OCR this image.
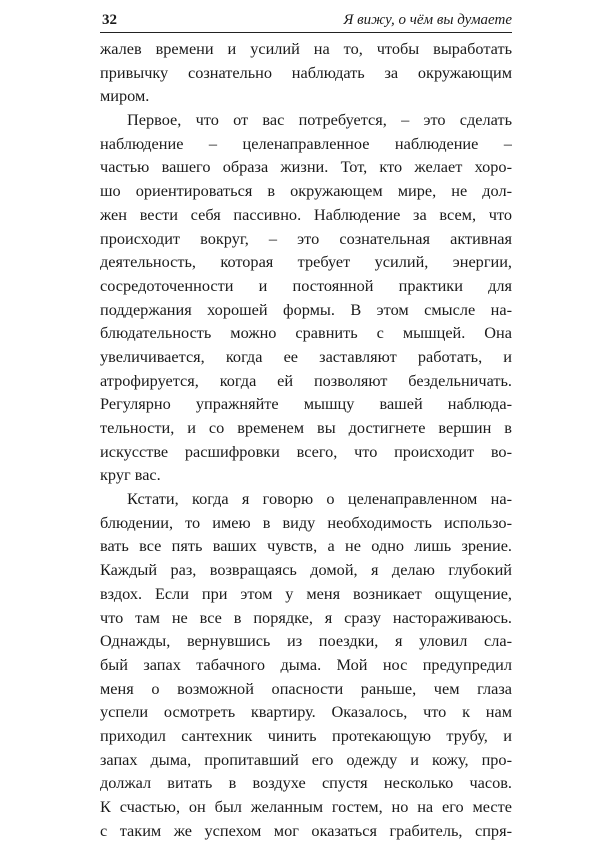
32	Я вижу, о чём вы думаете
жалев времени и усилий на то, чтобы выработать
привычку сознательно наблюдать за окружающим
миром.
Первое, что от вас потребуется, – это сделать
наблюдение – целенаправленное наблюдение –
частью вашего образа жизни. Тот, кто желает хоро-
шо ориентироваться в окружающем мире, не дол-
жен вести себя пассивно. Наблюдение за всем, что
происходит вокруг, – это сознательная активная
деятельность, которая требует усилий, энергии,
сосредоточенности и постоянной практики для
поддержания хорошей формы. В этом смысле на-
блюдательность можно сравнить с мышцей. Она
увеличивается, когда ее заставляют работать, и
атрофируется, когда ей позволяют бездельничать.
Регулярно упражняйте мышцу вашей наблюда-
тельности, и со временем вы достигнете вершин в
искусстве расшифровки всего, что происходит во-
круг вас.
Кстати, когда я говорю о целенаправленном на-
блюдении, то имею в виду необходимость использо-
вать все пять ваших чувств, а не одно лишь зрение.
Каждый раз, возвращаясь домой, я делаю глубокий
вздох. Если при этом у меня возникает ощущение,
что там не все в порядке, я сразу настораживаюсь.
Однажды, вернувшись из поездки, я уловил сла-
бый запах табачного дыма. Мой нос предупредил
меня о возможной опасности раньше, чем глаза
успели осмотреть квартиру. Оказалось, что к нам
приходил сантехник чинить протекающую трубу, и
запах дыма, пропитавший его одежду и кожу, про-
должал витать в воздухе спустя несколько часов.
К счастью, он был желанным гостем, но на его месте
с таким же успехом мог оказаться грабитель, спря-
